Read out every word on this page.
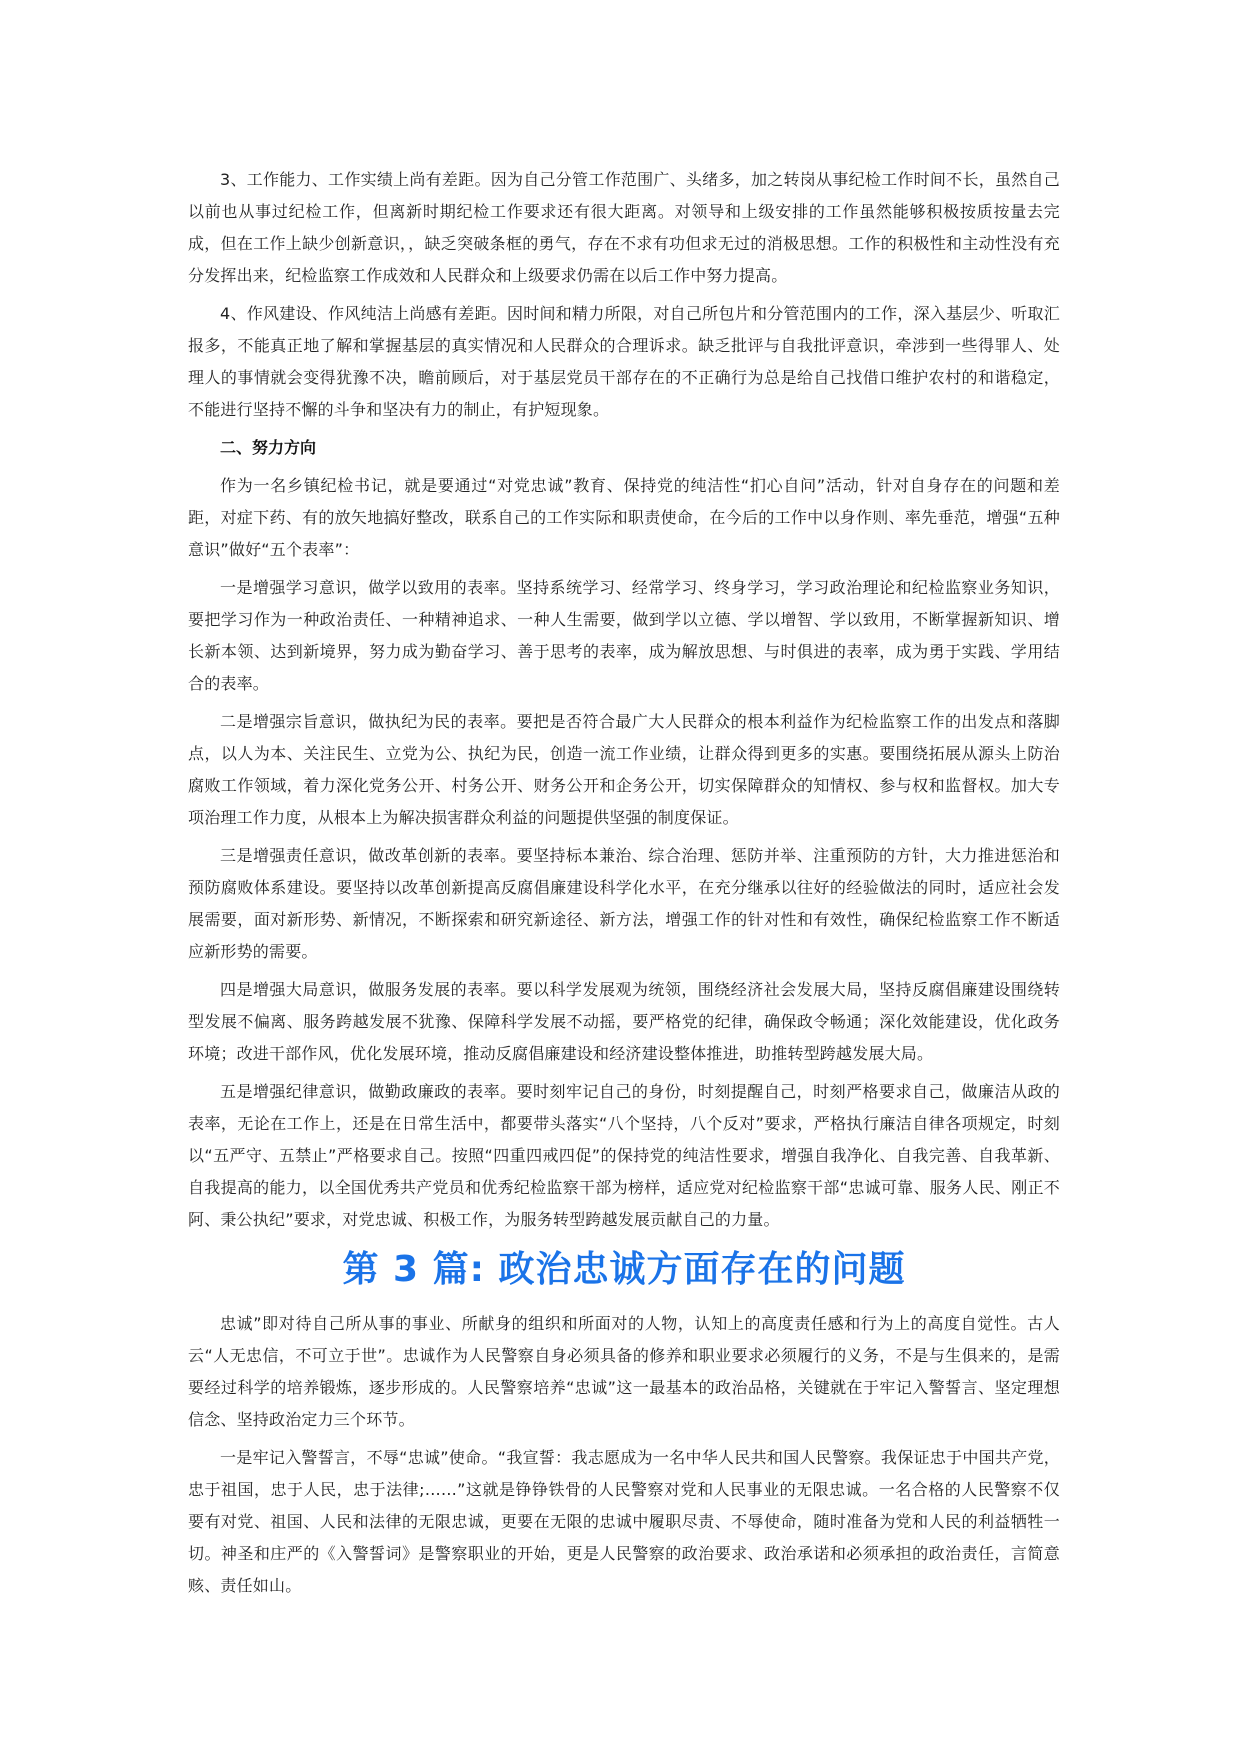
3、工作能力、工作实绩上尚有差距。因为自己分管工作范围广、头绪多，加之转岗从事纪检工作时间不长，虽然自己以前也从事过纪检工作，但离新时期纪检工作要求还有很大距离。对领导和上级安排的工作虽然能够积极按质按量去完成，但在工作上缺少创新意识，，缺乏突破条框的勇气，存在不求有功但求无过的消极思想。工作的积极性和主动性没有充分发挥出来，纪检监察工作成效和人民群众和上级要求仍需在以后工作中努力提高。

4、作风建设、作风纯洁上尚感有差距。因时间和精力所限，对自己所包片和分管范围内的工作，深入基层少、听取汇报多，不能真正地了解和掌握基层的真实情况和人民群众的合理诉求。缺乏批评与自我批评意识，牵涉到一些得罪人、处理人的事情就会变得犹豫不决，瞻前顾后，对于基层党员干部存在的不正确行为总是给自己找借口维护农村的和谐稳定，不能进行坚持不懈的斗争和坚决有力的制止，有护短现象。

二、努力方向

作为一名乡镇纪检书记，就是要通过“对党忠诚”教育、保持党的纯洁性“扪心自问”活动，针对自身存在的问题和差距，对症下药、有的放矢地搞好整改，联系自己的工作实际和职责使命，在今后的工作中以身作则、率先垂范，增强“五种意识”做好“五个表率”：

一是增强学习意识，做学以致用的表率。坚持系统学习、经常学习、终身学习，学习政治理论和纪检监察业务知识，要把学习作为一种政治责任、一种精神追求、一种人生需要，做到学以立德、学以增智、学以致用，不断掌握新知识、增长新本领、达到新境界，努力成为勤奋学习、善于思考的表率，成为解放思想、与时俱进的表率，成为勇于实践、学用结合的表率。

二是增强宗旨意识，做执纪为民的表率。要把是否符合最广大人民群众的根本利益作为纪检监察工作的出发点和落脚点，以人为本、关注民生、立党为公、执纪为民，创造一流工作业绩，让群众得到更多的实惠。要围绕拓展从源头上防治腐败工作领域，着力深化党务公开、村务公开、财务公开和企务公开，切实保障群众的知情权、参与权和监督权。加大专项治理工作力度，从根本上为解决损害群众利益的问题提供坚强的制度保证。

三是增强责任意识，做改革创新的表率。要坚持标本兼治、综合治理、惩防并举、注重预防的方针，大力推进惩治和预防腐败体系建设。要坚持以改革创新提高反腐倡廉建设科学化水平，在充分继承以往好的经验做法的同时，适应社会发展需要，面对新形势、新情况，不断探索和研究新途径、新方法，增强工作的针对性和有效性，确保纪检监察工作不断适应新形势的需要。

四是增强大局意识，做服务发展的表率。要以科学发展观为统领，围绕经济社会发展大局，坚持反腐倡廉建设围绕转型发展不偏离、服务跨越发展不犹豫、保障科学发展不动摇，要严格党的纪律，确保政令畅通；深化效能建设，优化政务环境；改进干部作风，优化发展环境，推动反腐倡廉建设和经济建设整体推进，助推转型跨越发展大局。

五是增强纪律意识，做勤政廉政的表率。要时刻牢记自己的身份，时刻提醒自己，时刻严格要求自己，做廉洁从政的表率，无论在工作上，还是在日常生活中，都要带头落实“八个坚持，八个反对”要求，严格执行廉洁自律各项规定，时刻以“五严守、五禁止”严格要求自己。按照“四重四戒四促”的保持党的纯洁性要求，增强自我净化、自我完善、自我革新、自我提高的能力，以全国优秀共产党员和优秀纪检监察干部为榜样，适应党对纪检监察干部“忠诚可靠、服务人民、刚正不阿、秉公执纪”要求，对党忠诚、积极工作，为服务转型跨越发展贡献自己的力量。

第 3 篇: 政治忠诚方面存在的问题

忠诚”即对待自己所从事的事业、所献身的组织和所面对的人物，认知上的高度责任感和行为上的高度自觉性。古人云“人无忠信，不可立于世”。忠诚作为人民警察自身必须具备的修养和职业要求必须履行的义务，不是与生俱来的，是需要经过科学的培养锻炼，逐步形成的。人民警察培养“忠诚”这一最基本的政治品格，关键就在于牢记入警誓言、坚定理想信念、坚持政治定力三个环节。

一是牢记入警誓言，不辱“忠诚”使命。“我宣誓：我志愿成为一名中华人民共和国人民警察。我保证忠于中国共产党，忠于祖国，忠于人民，忠于法律;……”这就是铮铮铁骨的人民警察对党和人民事业的无限忠诚。一名合格的人民警察不仅要有对党、祖国、人民和法律的无限忠诚，更要在无限的忠诚中履职尽责、不辱使命，随时准备为党和人民的利益牺牲一切。神圣和庄严的《入警誓词》是警察职业的开始，更是人民警察的政治要求、政治承诺和必须承担的政治责任，言简意赅、责任如山。
